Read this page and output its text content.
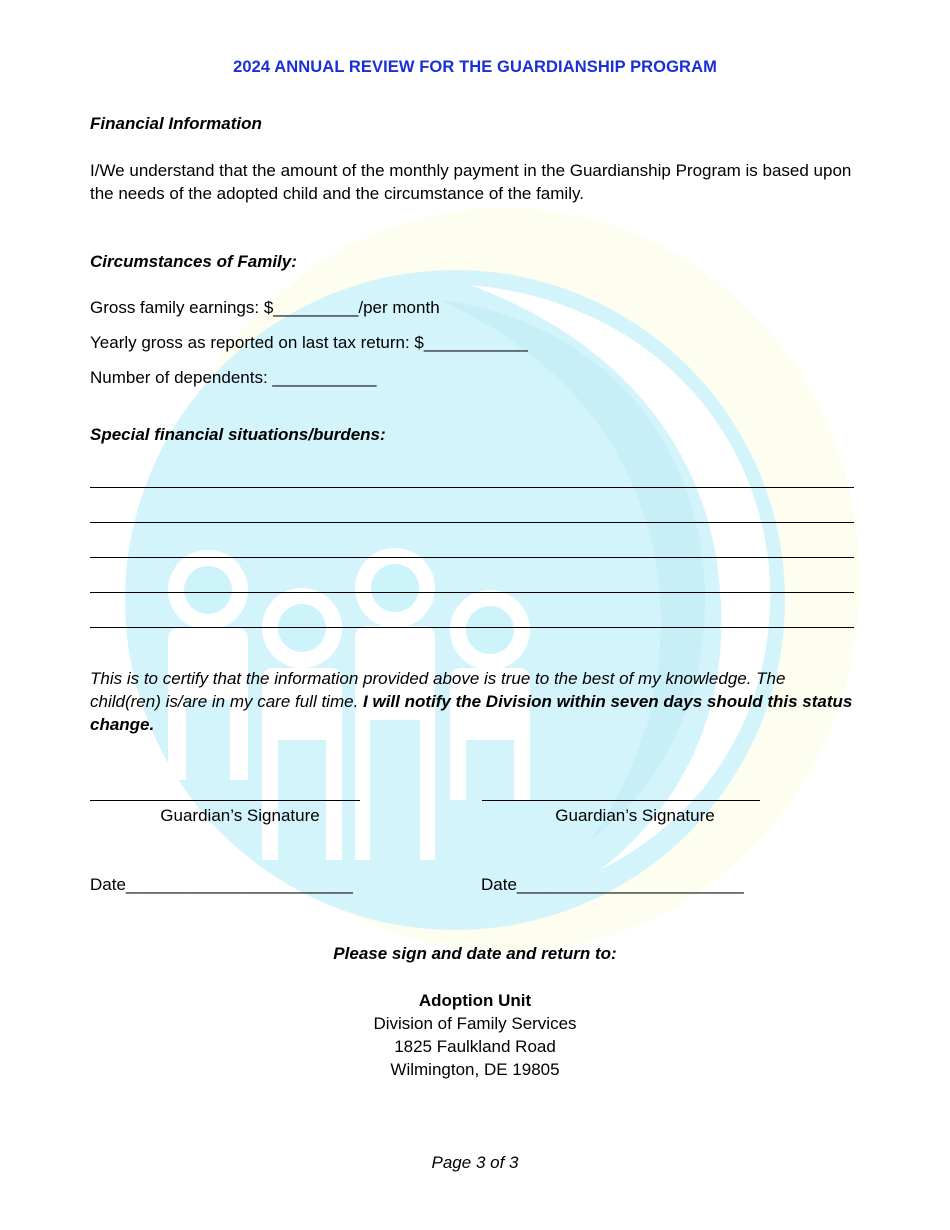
2024 ANNUAL REVIEW FOR THE GUARDIANSHIP PROGRAM
Financial Information
I/We understand that the amount of the monthly payment in the Guardianship Program is based upon the needs of the adopted child and the circumstance of the family.
Circumstances of Family:
Gross family earnings: $_________/per month
Yearly gross as reported on last tax return: $___________
Number of dependents: ___________
Special financial situations/burdens:
This is to certify that the information provided above is true to the best of my knowledge. The child(ren) is/are in my care full time. I will notify the Division within seven days should this status change.
Guardian’s Signature	Guardian’s Signature
Date________________________	Date________________________
Please sign and date and return to:
Adoption Unit
Division of Family Services
1825 Faulkland Road
Wilmington, DE 19805
Page 3 of 3
